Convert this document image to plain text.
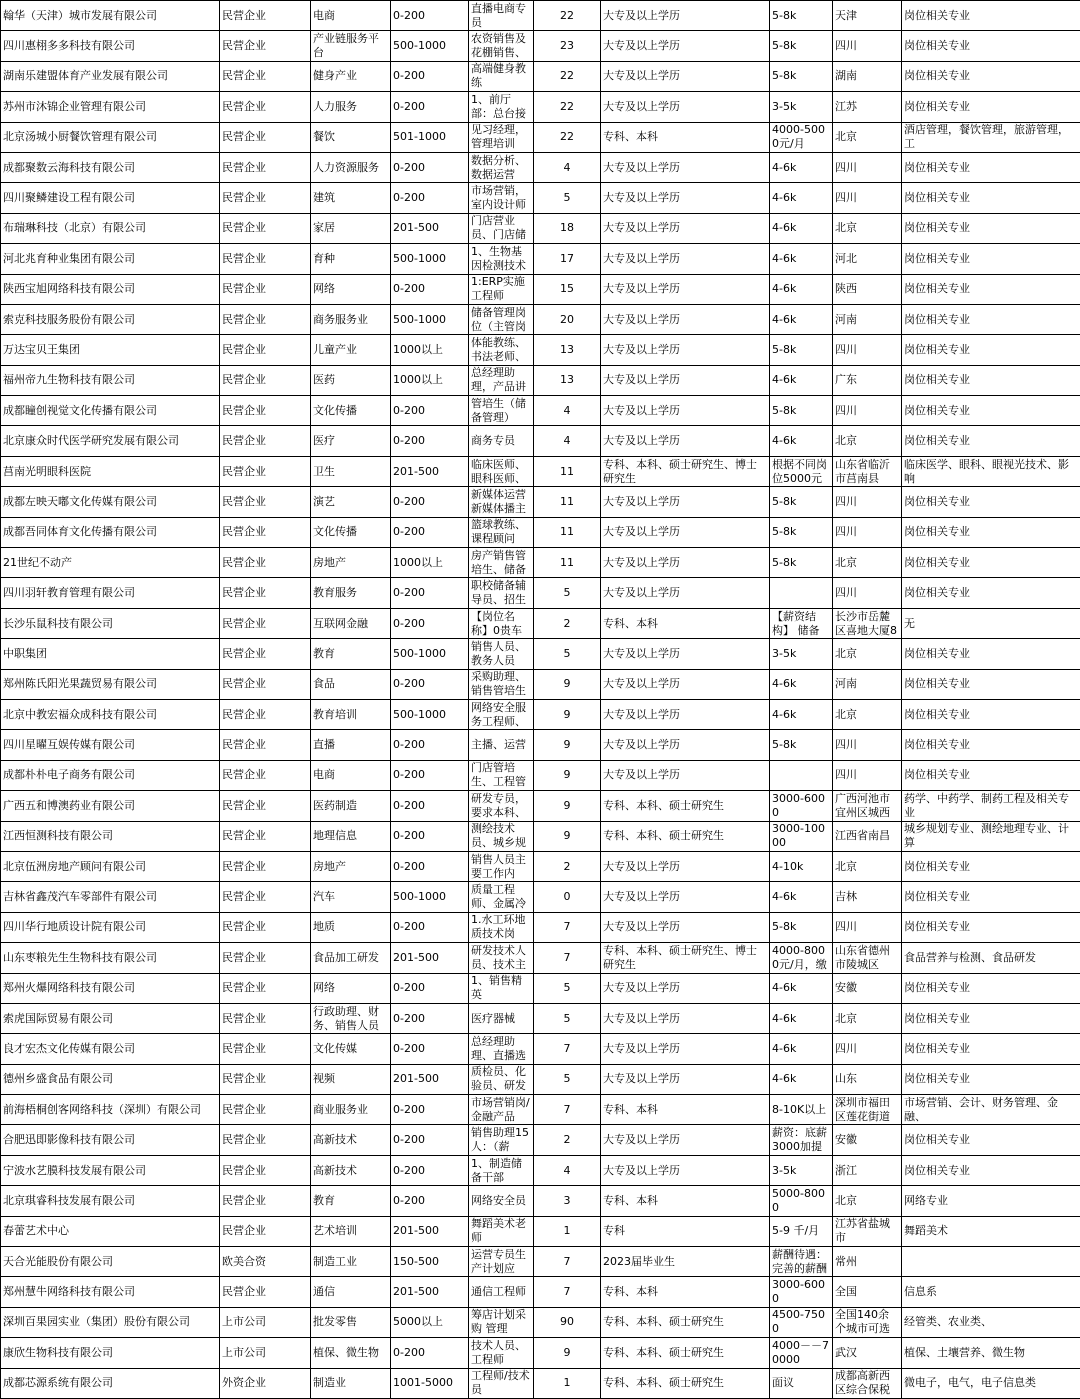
翰华（天津）城市发展有限公司	民营企业	电商	0-200	直播电商专员	22	大专及以上学历	5-8k	天津	岗位相关专业

四川惠栩多多科技有限公司	民营企业	产业链服务平台	500-1000	农资销售及花棚销售、	23	大专及以上学历	5-8k	四川	岗位相关专业

湖南乐建盟体育产业发展有限公司	民营企业	健身产业	0-200	高端健身教练	22	大专及以上学历	5-8k	湖南	岗位相关专业

苏州市沐锦企业管理有限公司	民营企业	人力服务	0-200	1、前厅部：总台接	22	大专及以上学历	3-5k	江苏	岗位相关专业

北京汤城小厨餐饮管理有限公司	民营企业	餐饮	501-1000	见习经理，管理培训	22	专科、本科	4000-5000元/月	北京	酒店管理，餐饮管理，旅游管理，工

成都聚数云海科技有限公司	民营企业	人力资源服务	0-200	数据分析、数据运营	4	大专及以上学历	4-6k	四川	岗位相关专业

四川聚鳞建设工程有限公司	民营企业	建筑	0-200	市场营销，室内设计师	5	大专及以上学历	4-6k	四川	岗位相关专业

布瑞琳科技（北京）有限公司	民营企业	家居	201-500	门店营业员、门店储	18	大专及以上学历	4-6k	北京	岗位相关专业

河北兆育种业集团有限公司	民营企业	育种	500-1000	1、生物基因检测技术	17	大专及以上学历	4-6k	河北	岗位相关专业

陕西宝旭网络科技有限公司	民营企业	网络	0-200	1:ERP实施工程师	15	大专及以上学历	4-6k	陕西	岗位相关专业

索克科技服务股份有限公司	民营企业	商务服务业	500-1000	储备管理岗位（主管岗	20	大专及以上学历	4-6k	河南	岗位相关专业

万达宝贝王集团	民营企业	儿童产业	1000以上	体能教练、书法老师、	13	大专及以上学历	5-8k	四川	岗位相关专业

福州帝九生物科技有限公司	民营企业	医药	1000以上	总经理助理，产品讲	13	大专及以上学历	4-6k	广东	岗位相关专业

成都瞳创视觉文化传播有限公司	民营企业	文化传播	0-200	管培生（储备管理）	4	大专及以上学历	5-8k	四川	岗位相关专业

北京康众时代医学研究发展有限公司	民营企业	医疗	0-200	商务专员	4	大专及以上学历	4-6k	北京	岗位相关专业

莒南光明眼科医院	民营企业	卫生	201-500	临床医师、眼科医师、	11	专科、本科、硕士研究生、博士研究生	根据不同岗位5000元	山东省临沂市莒南县	临床医学、眼科、眼视光技术、影响

成都左映天嘟文化传媒有限公司	民营企业	演艺	0-200	新媒体运营新媒体播主	11	大专及以上学历	5-8k	四川	岗位相关专业

成都吾同体育文化传播有限公司	民营企业	文化传播	0-200	篮球教练、课程顾问	11	大专及以上学历	5-8k	四川	岗位相关专业

21世纪不动产	民营企业	房地产	1000以上	房产销售管培生、储备	11	大专及以上学历	5-8k	北京	岗位相关专业

四川羽轩教育管理有限公司	民营企业	教育服务	0-200	职校储备辅导员、招生	5	大专及以上学历		四川	岗位相关专业

长沙乐鼠科技有限公司	民营企业	互联网金融	0-200	【岗位名称】0贵车	2	专科、本科	【薪资结构】 储备	长沙市岳麓区喜地大厦8	无

中职集团	民营企业	教育	500-1000	销售人员、教务人员	5	大专及以上学历	3-5k	北京	岗位相关专业

郑州陈氏阳光果蔬贸易有限公司	民营企业	食品	0-200	采购助理、销售管培生	9	大专及以上学历	4-6k	河南	岗位相关专业

北京中教宏福众成科技有限公司	民营企业	教育培训	500-1000	网络安全服务工程师、	9	大专及以上学历	4-6k	北京	岗位相关专业

四川星曜互娱传媒有限公司	民营企业	直播	0-200	主播、运营	9	大专及以上学历	5-8k	四川	岗位相关专业

成都朴朴电子商务有限公司	民营企业	电商	0-200	门店管培生、工程管	9	大专及以上学历		四川	岗位相关专业

广西五和博澳药业有限公司	民营企业	医药制造	0-200	研发专员，要求本科、	9	专科、本科、硕士研究生	3000-6000	广西河池市宜州区城西	药学、中药学、制药工程及相关专业

江西恒测科技有限公司	民营企业	地理信息	0-200	测绘技术员、城乡规	9	专科、本科、硕士研究生	3000-10000	江西省南昌	城乡规划专业、测绘地理专业、计算

北京伍洲房地产顾问有限公司	民营企业	房地产	0-200	销售人员主要工作内	2	大专及以上学历	4-10k	北京	岗位相关专业

吉林省鑫茂汽车零部件有限公司	民营企业	汽车	500-1000	质量工程师、金属冷	0	大专及以上学历	4-6k	吉林	岗位相关专业

四川华行地质设计院有限公司	民营企业	地质	0-200	1.水工环地质技术岗	7	大专及以上学历	5-8k	四川	岗位相关专业

山东枣粮先生生物科技有限公司	民营企业	食品加工研发	201-500	研发技术人员、技术主	7	专科、本科、硕士研究生、博士研究生	4000-8000元/月，缴	山东省德州市陵城区	食品营养与检测、食品研发

郑州火爆网络科技有限公司	民营企业	网络	0-200	1、销售精英	5	大专及以上学历	4-6k	安徽	岗位相关专业

索虎国际贸易有限公司	民营企业	行政助理、财务、销售人员	0-200	医疗器械	5	大专及以上学历	4-6k	北京	岗位相关专业

良才宏杰文化传媒有限公司	民营企业	文化传媒	0-200	总经理助理、直播选	7	大专及以上学历	4-6k	四川	岗位相关专业

德州乡盛食品有限公司	民营企业	视频	201-500	质检员、化验员、研发	5	大专及以上学历	4-6k	山东	岗位相关专业

前海梧桐创客网络科技（深圳）有限公司	民营企业	商业服务业	0-200	市场营销岗/金融产品	7	专科、本科	8-10K以上	深圳市福田区莲花街道	市场营销、会计、财务管理、金融、

合肥迅即影像科技有限公司	民营企业	高新技术	0-200	销售助理15人：（薪	2	大专及以上学历	薪资：底薪3000加提	安徽	岗位相关专业

宁波水艺膜科技发展有限公司	民营企业	高新技术	0-200	1、制造储备干部	4	大专及以上学历	3-5k	浙江	岗位相关专业

北京琪睿科技发展有限公司	民营企业	教育	0-200	网络安全员	3	专科、本科	5000-8000	北京	网络专业

春蕾艺术中心	民营企业	艺术培训	201-500	舞蹈美术老师	1	专科	5-9 千/月	江苏省盐城市	舞蹈美术

天合光能股份有限公司	欧美合资	制造工业	150-500	运营专员生产计划应	7	2023届毕业生	薪酬待遇：完善的薪酬	常州	

郑州慧牛网络科技有限公司	民营企业	通信	201-500	通信工程师	7	专科、本科	3000-6000	全国	信息系

深圳百果园实业（集团）股份有限公司	上市公司	批发零售	5000以上	筹店计划采购 管理	90	专科、本科、硕士研究生	4500-7500	全国140余个城市可选	经管类、农业类、

康欣生物科技有限公司	上市公司	植保、微生物	0-200	技术人员、工程师	9	专科、本科、硕士研究生	4000－－70000	武汉	植保、土壤营养、微生物

成都芯源系统有限公司	外资企业	制造业	1001-5000	工程师/技术员	1	专科、本科、硕士研究生	面议	成都高新西区综合保税	微电子，电气，电子信息类
